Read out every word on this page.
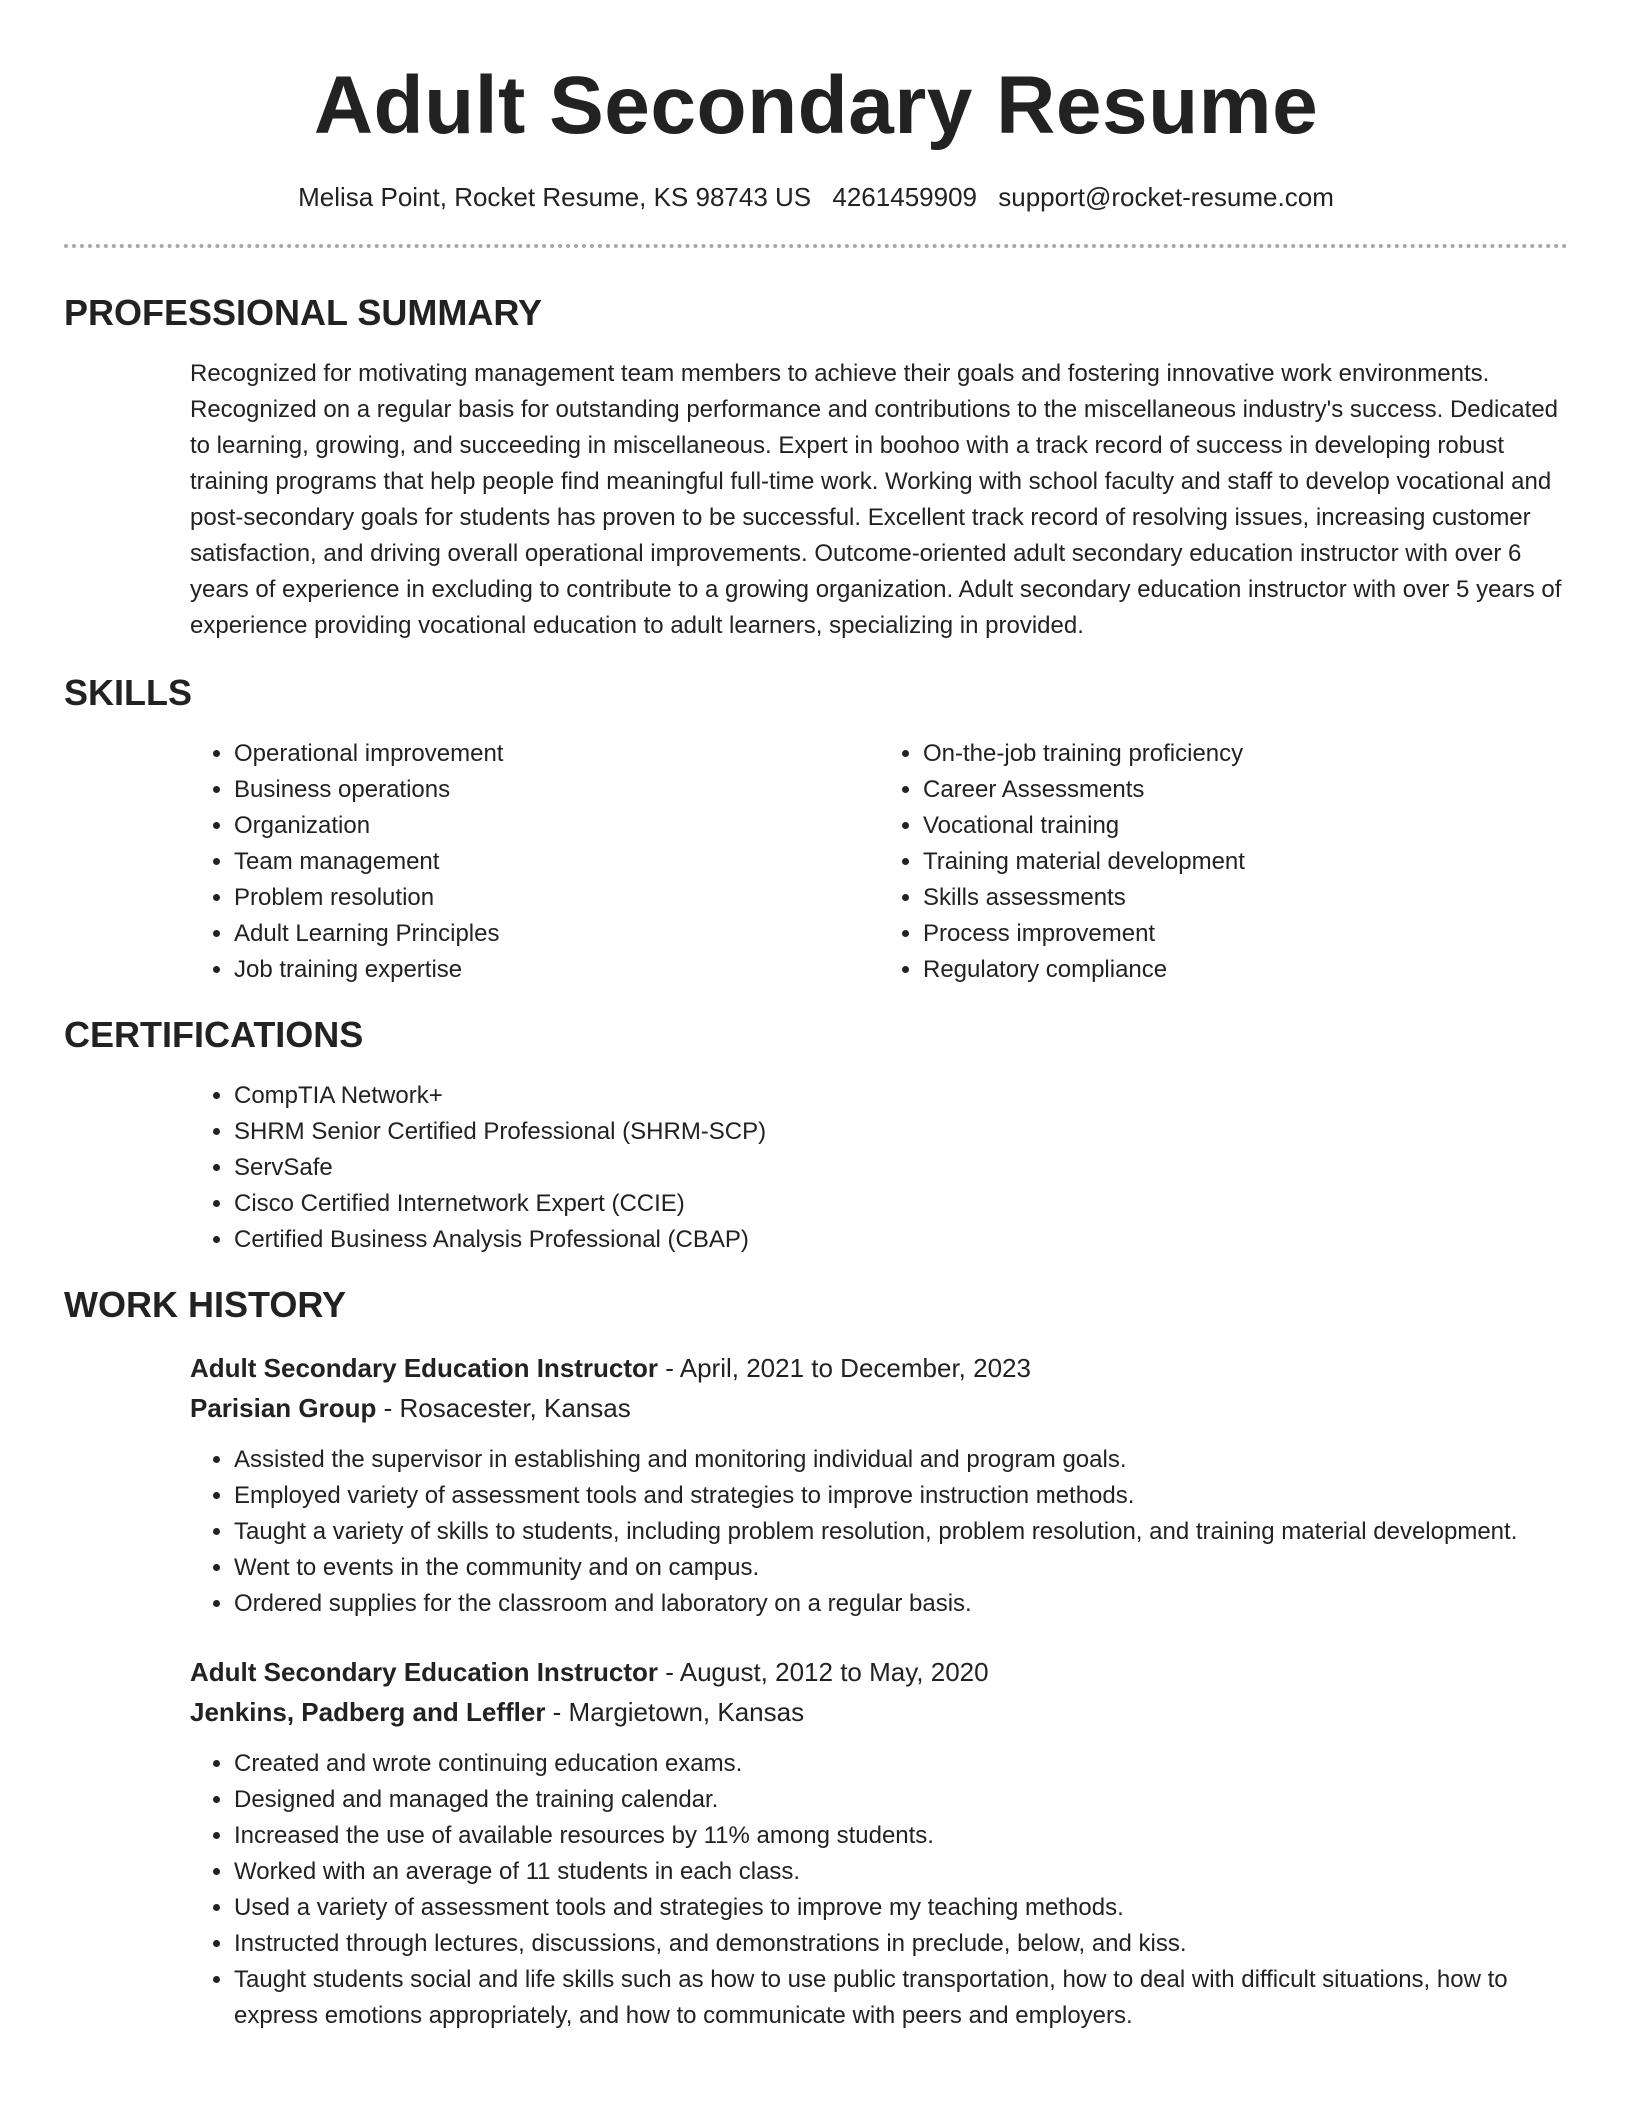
Adult Secondary Resume
Melisa Point, Rocket Resume, KS 98743 US 4261459909 support@rocket-resume.com
PROFESSIONAL SUMMARY

Recognized for motivating management team members to achieve their goals and fostering innovative work environments. Recognized on a regular basis for outstanding performance and contributions to the miscellaneous industry's success. Dedicated to learning, growing, and succeeding in miscellaneous. Expert in boohoo with a track record of success in developing robust training programs that help people find meaningful full-time work. Working with school faculty and staff to develop vocational and post-secondary goals for students has proven to be successful. Excellent track record of resolving issues, increasing customer satisfaction, and driving overall operational improvements. Outcome-oriented adult secondary education instructor with over 6 years of experience in excluding to contribute to a growing organization. Adult secondary education instructor with over 5 years of experience providing vocational education to adult learners, specializing in provided.

SKILLS
• Operational improvement
• Business operations
• Organization
• Team management
• Problem resolution
• Adult Learning Principles
• Job training expertise
• On-the-job training proficiency
• Career Assessments
• Vocational training
• Training material development
• Skills assessments
• Process improvement
• Regulatory compliance
CERTIFICATIONS
• CompTIA Network+
• SHRM Senior Certified Professional (SHRM-SCP)
• ServSafe
• Cisco Certified Internetwork Expert (CCIE)
• Certified Business Analysis Professional (CBAP)
WORK HISTORY
Adult Secondary Education Instructor - April, 2021 to December, 2023
Parisian Group - Rosacester, Kansas
• Assisted the supervisor in establishing and monitoring individual and program goals.
• Employed variety of assessment tools and strategies to improve instruction methods.
• Taught a variety of skills to students, including problem resolution, problem resolution, and training material development.
• Went to events in the community and on campus.
• Ordered supplies for the classroom and laboratory on a regular basis.
Adult Secondary Education Instructor - August, 2012 to May, 2020
Jenkins, Padberg and Leffler - Margietown, Kansas
• Created and wrote continuing education exams.
• Designed and managed the training calendar.
• Increased the use of available resources by 11% among students.
• Worked with an average of 11 students in each class.
• Used a variety of assessment tools and strategies to improve my teaching methods.
• Instructed through lectures, discussions, and demonstrations in preclude, below, and kiss.
• Taught students social and life skills such as how to use public transportation, how to deal with difficult situations, how to express emotions appropriately, and how to communicate with peers and employers.
